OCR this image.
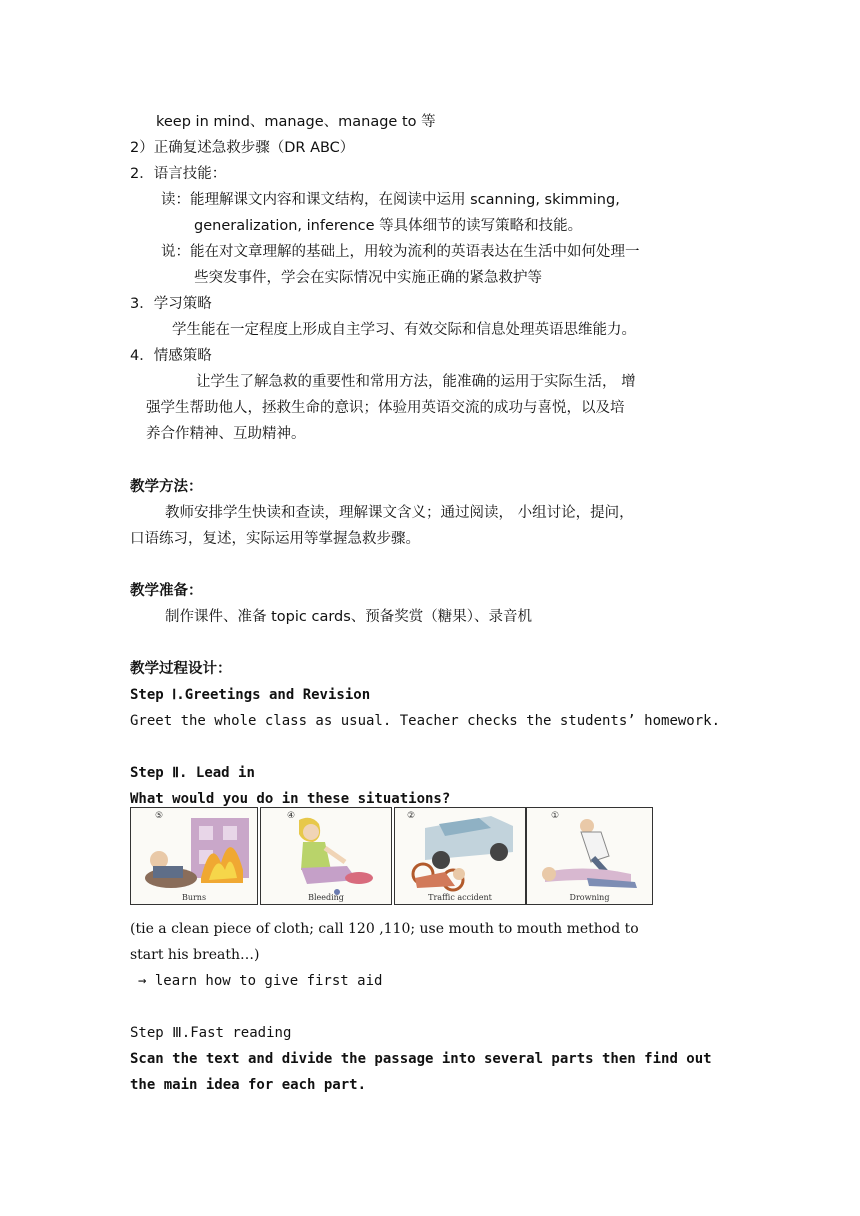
keep in mind、manage、manage to 等
2）正确复述急救步骤（DR ABC）
2．语言技能：
读：能理解课文内容和课文结构，在阅读中运用 scanning, skimming,
generalization, inference 等具体细节的读写策略和技能。
说：能在对文章理解的基础上，用较为流利的英语表达在生活中如何处理一
些突发事件，学会在实际情况中实施正确的紧急救护等
3．学习策略
学生能在一定程度上形成自主学习、有效交际和信息处理英语思维能力。
4．情感策略
让学生了解急救的重要性和常用方法，能准确的运用于实际生活， 增
强学生帮助他人，拯救生命的意识；体验用英语交流的成功与喜悦，以及培
养合作精神、互助精神。
教学方法：
教师安排学生快读和查读，理解课文含义；通过阅读， 小组讨论，提问，
口语练习，复述，实际运用等掌握急救步骤。
教学准备：
制作课件、准备 topic cards、预备奖赏（糖果）、录音机
教学过程设计：
Step Ⅰ.Greetings and Revision
Greet the whole class as usual. Teacher checks the students’ homework.
Step Ⅱ. Lead in
What would you do in these situations?
⑤
Burns
④
Bleeding
②
Traffic accident
①
Drowning
(tie a clean piece of cloth; call 120 ,110; use mouth to mouth method to
start his breath…)
→ learn how to give first aid
Step Ⅲ.Fast reading
Scan the text and divide the passage into several parts then find out
the main idea for each part.
